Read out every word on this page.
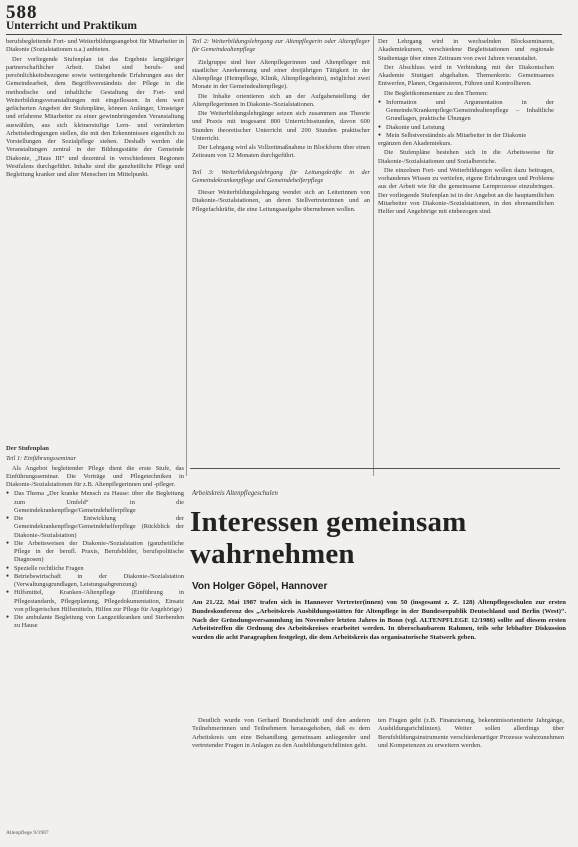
588
Unterricht und Praktikum

berufsbegleitende Fort- und Weiterbildungsangebot für Mitarbeiter in Diakonie (Sozialstationen u.a.) anbieten.

Der vorliegende Stufenplan ist das Ergebnis langjähriger partnerschaftlicher Arbeit. Dabei sind berufs- und persönlichkeitsbezogene sowie weitergehende Erfahrungen aus der Gemeindearbeit, dem Begriffsverständnis der Pflege in die methodische und inhaltliche Gestaltung der Fort- und Weiterbildungsveranstaltungen mit eingeflossen. In dem weit gefächerten Angebot der Stufenpläne, können Anfänger, Umsteiger und erfahrene Mitarbeiter zu einer gewinnbringenden Veranstaltung auswählen, aus sich kleinerstufige Lern- und veränderten Arbeitsbedingungen stellen, die mit den Erkenntnissen eigentlich zu Vorstellungen der Sozialpflege stehen. Deshalb werden die Veranstaltungen zentral in der Bildungsstätte der Gemeinde Diakonie, „Haus III“ und dezentral in verschiedenen Regionen Westfalens durchgeführt. Inhalte sind die ganzheitliche Pflege und Begleitung kranker und alter Menschen im Mittelpunkt.

Der Stufenplan

Teil 1: Einführungsseminar

Als Angebot begleitender Pflege dient die erste Stufe, das Einführungsseminar. Die Vorträge und Pflegetechniken in Diakonie-/Sozialstationen für z.B. Altenpflegerinnen und -pfleger.

● Das Thema „Der kranke Mensch zu Hause: über die Begleitung zum Umfeld“ in die Gemeindekrankenpflege/Gemeindehelferpflege
● Die Entwicklung der Gemeindekrankenpflege/Gemeindehelferpflege (Rückblick der Diakonie-/Sozialstation)
● Die Arbeitsweisen der Diakonie-/Sozialstation (ganzheitliche Pflege in der berufl. Praxis, Berufsbilder, berufspolitische Diagnosen)
● Spezielle rechtliche Fragen
● Betriebswirtschaft in der Diakonie-/Sozialstation (Verwaltungsgrundlagen, Leistungsabgrenzung)
● Hilfsmittel, Kranken-/Altenpflege (Einführung in Pflegestandards, Pflegeplanung, Pflegedokumentation, Einsatz von pflegerischen Hilfsmitteln, Hilfen zur Pflege für Angehörige)
● Die ambulante Begleitung von Langzeitkranken und Sterbenden zu Hause

Teil 2: Weiterbildungslehrgang zur Altenpflegerin oder Altenpfleger für Gemeindealtenpflege

Zielgruppe sind hier Altenpflegerinnen und Altenpfleger mit staatlicher Anerkennung und einer dreijährigen Tätigkeit in der Altenpflege (Heimpflege, Klinik, Altenpflegeheim), möglichst zwei Monate in der Gemeindealtenpflege).

Die Inhalte orientieren sich an der Aufgabenstellung der Altenpflegerinnen in Diakonie-/Sozialstationen.

Die Weiterbildungslehrgänge setzen sich zusammen aus Theorie und Praxis mit insgesamt 800 Unterrichtsstunden, davon 600 Stunden theoretischer Unterricht und 200 Stunden praktischer Unterricht.

Der Lehrgang wird als Vollzeitmaßnahme in Blockform über einen Zeitraum von 12 Monaten durchgeführt.

Teil 3: Weiterbildungslehrgang für Leitungskräfte in der Gemeindekrankenpflege und Gemeindehelferpflege

Dieser Weiterbildungslehrgang wendet sich an Leiterinnen von Diakonie-/Sozialstationen, an deren Stellvertreterinnen und an Pflegefachkräfte, die eine Leitungsaufgabe übernehmen wollen.

Der Lehrgang wird in wechselnden Blockseminaren, Akademiekursen, verschiedene Begleitstationen und regionale Studientage über einen Zeitraum von zwei Jahren veranstaltet.

Der Abschluss wird in Verbindung mit der Diakonischen Akademie Stuttgart abgehalten. Themenkreis: Gemeinsames Entwerfen, Planen, Organisieren, Führen und Kontrollieren.

Die Begleitkommentare zu den Themen:

● Information und Argumentation in der Gemeinde/Krankenpflege/Gemeindealtenpflege – Inhaltliche Grundlagen, praktische Übungen
● Diakonie und Leistung
● Mein Selbstverständnis als Mitarbeiter in der Diakonie

ergänzen den Akademiekurs.

Die Stufenpläne bestehen sich in die Arbeitsweise für Diakonie-/Sozialstationen und Sozialbereiche.

Die einzelnen Fort- und Weiterbildungen wollen dazu beitragen, vorhandenes Wissen zu vertiefen, eigene Erfahrungen und Probleme aus der Arbeit wie für die gemeinsame Lernprozesse einzubringen. Der vorliegende Stufenplan ist in der Angebot an die hauptamtlichen Mitarbeiter von Diakonie-/Sozialstationen, in den ehrenamtlichen Helfer und Angehörige mit einbezogen sind.

Arbeitskreis Altenpflegeschulen
Interessen gemeinsam wahrnehmen
Von Holger Göpel, Hannover
Am 21./22. Mai 1987 trafen sich in Hannover Vertreter(innen) von 50 (insgesamt z. Z. 128) Altenpflegeschulen zur ersten Bundeskonferenz des „Arbeitskreis Ausbildungsstätten für Altenpflege in der Bundesrepublik Deutschland und Berlin (West)“. Nach der Gründungsversammlung im November letzten Jahres in Bonn (vgl. ALTENPFLEGE 12/1986) sollte auf diesem ersten Arbeitstreffen die Ordnung des Arbeitskreises erarbeitet werden. In überschaubarem Rahmen, teils sehr lebhafter Diskussion wurden die acht Paragraphen festgelegt, die dem Arbeitskreis das organisatorische Statwerk geben.
Deutlich wurde von Gerhard Brandschmidt und den anderen Teilnehmerinnen und Teilnehmern herausgehoben, daß es dem Arbeitskreis um eine Behandlung gemeinsam anliegender und vertretender Fragen in Anlagen zu den Ausbildungsrichtlinien geht.
ten Fragen geht (z.B. Finanzierung, bekenntnisorientierte Jahrgänge, Ausbildungsrichtlinien). Weiter sollen allerdings über Berufsbildungsinstrumente verschiedenartiger Prozesse wahrzunehmen und Kompetenzen zu erweitern werden.
Altenpflege 9/1987
